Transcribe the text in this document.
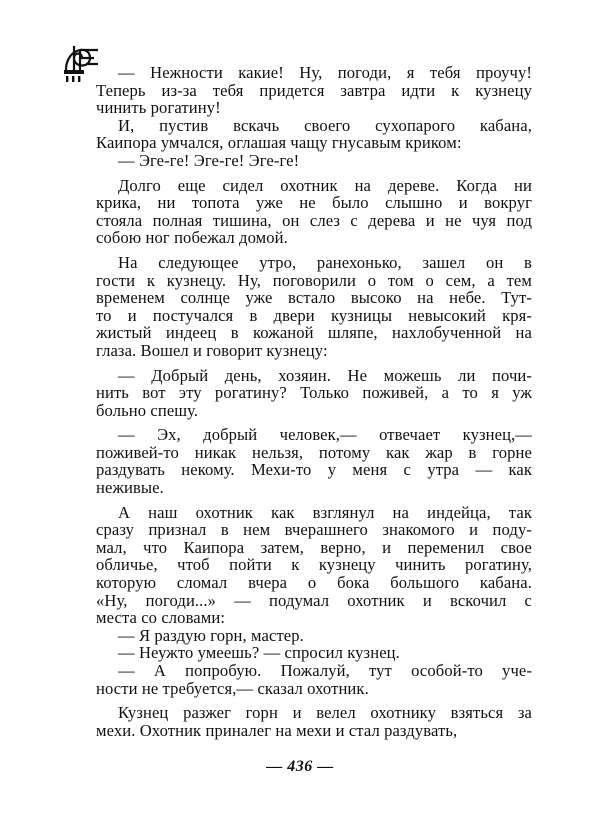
— Нежности какие! Ну, погоди, я тебя проучу!
Теперь из-за тебя придется завтра идти к кузнецу
чинить рогатину!

И, пустив вскачь своего сухопарого кабана,
Каипора умчался, оглашая чащу гнусавым криком:

— Эге-ге! Эге-ге! Эге-ге!

Долго еще сидел охотник на дереве. Когда ни
крика, ни топота уже не было слышно и вокруг
стояла полная тишина, он слез с дерева и не чуя под
собою ног побежал домой.

На следующее утро, ранехонько, зашел он в
гости к кузнецу. Ну, поговорили о том о сем, а тем
временем солнце уже встало высоко на небе. Тут-
то и постучался в двери кузницы невысокий кря-
жистый индеец в кожаной шляпе, нахлобученной на
глаза. Вошел и говорит кузнецу:

— Добрый день, хозяин. Не можешь ли почи-
нить вот эту рогатину? Только поживей, а то я уж
больно спешу.

— Эх, добрый человек,— отвечает кузнец,—
поживей-то никак нельзя, потому как жар в горне
раздувать некому. Мехи-то у меня с утра — как
неживые.

А наш охотник как взглянул на индейца, так
сразу признал в нем вчерашнего знакомого и поду-
мал, что Каипора затем, верно, и переменил свое
обличье, чтоб пойти к кузнецу чинить рогатину,
которую сломал вчера о бока большого кабана.
«Ну, погоди...» — подумал охотник и вскочил с
места со словами:

— Я раздую горн, мастер.

— Неужто умеешь? — спросил кузнец.

— А попробую. Пожалуй, тут особой-то уче-
ности не требуется,— сказал охотник.

Кузнец разжег горн и велел охотнику взяться за
мехи. Охотник приналег на мехи и стал раздувать,

— 436 —
